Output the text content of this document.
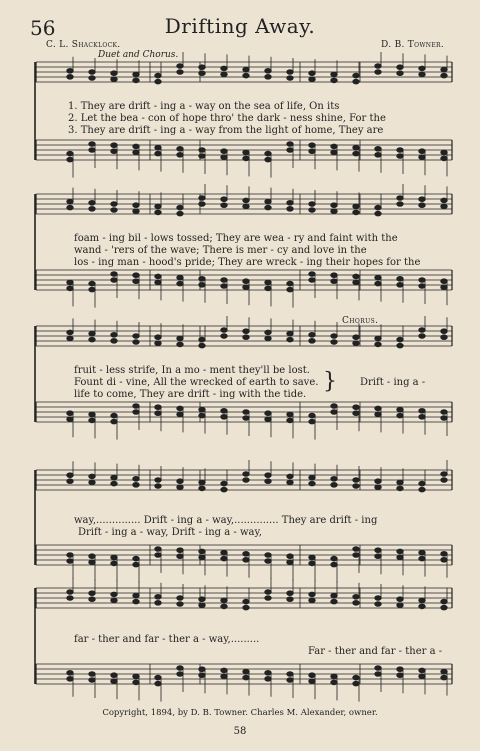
56	Drifting Away.
C. L. Shacklock.	D. B. Towner.
Duet and Chorus.
1. They are drift - ing a - way on the sea of life, On its
2. Let the bea - con of hope thro' the dark - ness shine, For the
3. They are drift - ing a - way from the light of home, They are
foam - ing bil - lows tossed; They are wea - ry and faint with the
wand - 'rers of the wave; There is mer - cy and love in the
los - ing man - hood's pride; They are wreck - ing their hopes for the
Chorus.
fruit - less strife, In a mo - ment they'll be lost.
Fount di - vine, All the wrecked of earth to save.
life to come, They are drift - ing with the tide.
} Drift - ing a -
way,.............. Drift - ing a - way,.............. They are drift - ing
Drift - ing a - way, Drift - ing a - way,
far - ther and far - ther a - way,.........
Far - ther and far - ther a -
Copyright, 1894, by D. B. Towner. Charles M. Alexander, owner.
58
